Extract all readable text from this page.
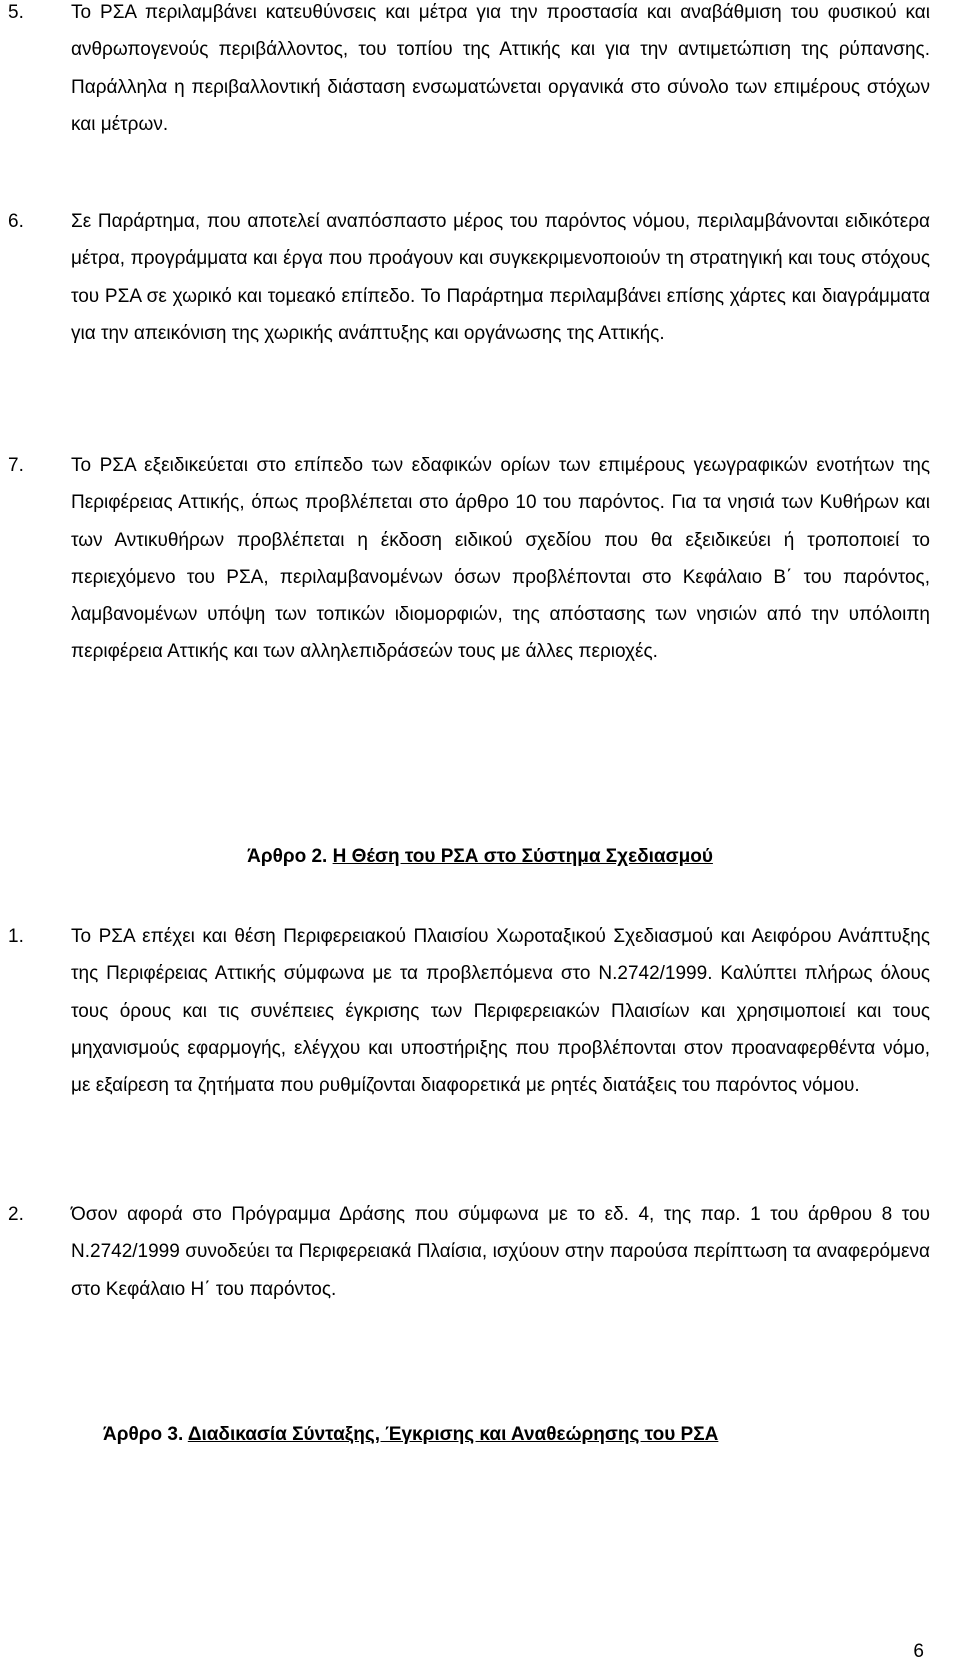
5. Το ΡΣΑ περιλαμβάνει κατευθύνσεις και μέτρα για την προστασία και αναβάθμιση του φυσικού και ανθρωπογενούς περιβάλλοντος, του τοπίου της Αττικής και για την αντιμετώπιση της ρύπανσης. Παράλληλα η περιβαλλοντική διάσταση ενσωματώνεται οργανικά στο σύνολο των επιμέρους στόχων και μέτρων.

6. Σε Παράρτημα, που αποτελεί αναπόσπαστο μέρος του παρόντος νόμου, περιλαμβάνονται ειδικότερα μέτρα, προγράμματα και έργα που προάγουν και συγκεκριμενοποιούν τη στρατηγική και τους στόχους του ΡΣΑ σε χωρικό και τομεακό επίπεδο. Το Παράρτημα περιλαμβάνει επίσης χάρτες και διαγράμματα για την απεικόνιση της χωρικής ανάπτυξης και οργάνωσης της Αττικής.

7. Το ΡΣΑ εξειδικεύεται στο επίπεδο των εδαφικών ορίων των επιμέρους γεωγραφικών ενοτήτων της Περιφέρειας Αττικής, όπως προβλέπεται στο άρθρο 10 του παρόντος. Για τα νησιά των Κυθήρων και των Αντικυθήρων προβλέπεται η έκδοση ειδικού σχεδίου που θα εξειδικεύει ή τροποποιεί το περιεχόμενο του ΡΣΑ, περιλαμβανομένων όσων προβλέπονται στο Κεφάλαιο Β΄ του παρόντος, λαμβανομένων υπόψη των τοπικών ιδιομορφιών, της απόστασης των νησιών από την υπόλοιπη περιφέρεια Αττικής και των αλληλεπιδράσεών τους με άλλες περιοχές.

Άρθρο 2. Η Θέση του ΡΣΑ στο Σύστημα Σχεδιασμού
1. Το ΡΣΑ επέχει και θέση Περιφερειακού Πλαισίου Χωροταξικού Σχεδιασμού και Αειφόρου Ανάπτυξης της Περιφέρειας Αττικής σύμφωνα με τα προβλεπόμενα στο Ν.2742/1999. Καλύπτει πλήρως όλους τους όρους και τις συνέπειες έγκρισης των Περιφερειακών Πλαισίων και χρησιμοποιεί και τους μηχανισμούς εφαρμογής, ελέγχου και υποστήριξης που προβλέπονται στον προαναφερθέντα νόμο, με εξαίρεση τα ζητήματα που ρυθμίζονται διαφορετικά με ρητές διατάξεις του παρόντος νόμου.

2. Όσον αφορά στο Πρόγραμμα Δράσης που σύμφωνα με το εδ. 4, της παρ. 1 του άρθρου 8 του Ν.2742/1999 συνοδεύει τα Περιφερειακά Πλαίσια, ισχύουν στην παρούσα περίπτωση τα αναφερόμενα στο Κεφάλαιο Η΄ του παρόντος.

Άρθρο 3. Διαδικασία Σύνταξης, Έγκρισης και Αναθεώρησης του ΡΣΑ
6
